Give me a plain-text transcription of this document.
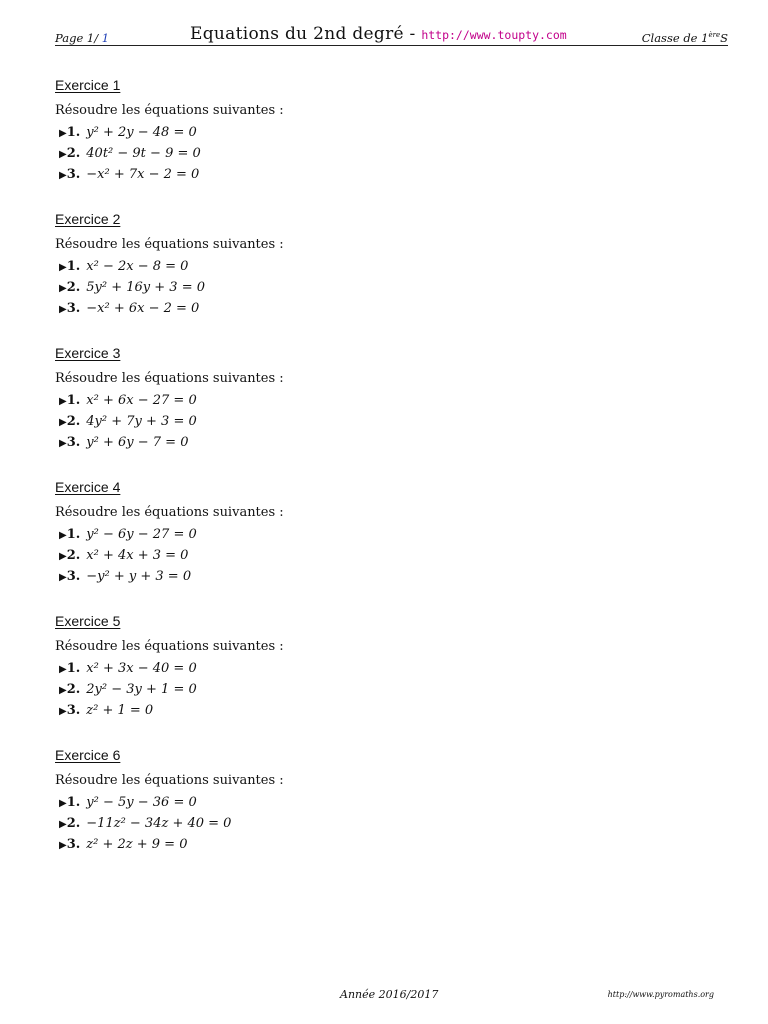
Page 1/ 1	Equations du 2nd degré - http://www.toupty.com	Classe de 1èreS
Exercice 1
Résoudre les équations suivantes :
▶1. y² + 2y − 48 = 0
▶2. 40t² − 9t − 9 = 0
▶3. −x² + 7x − 2 = 0
Exercice 2
Résoudre les équations suivantes :
▶1. x² − 2x − 8 = 0
▶2. 5y² + 16y + 3 = 0
▶3. −x² + 6x − 2 = 0
Exercice 3
Résoudre les équations suivantes :
▶1. x² + 6x − 27 = 0
▶2. 4y² + 7y + 3 = 0
▶3. y² + 6y − 7 = 0
Exercice 4
Résoudre les équations suivantes :
▶1. y² − 6y − 27 = 0
▶2. x² + 4x + 3 = 0
▶3. −y² + y + 3 = 0
Exercice 5
Résoudre les équations suivantes :
▶1. x² + 3x − 40 = 0
▶2. 2y² − 3y + 1 = 0
▶3. z² + 1 = 0
Exercice 6
Résoudre les équations suivantes :
▶1. y² − 5y − 36 = 0
▶2. −11z² − 34z + 40 = 0
▶3. z² + 2z + 9 = 0
Année 2016/2017	http://www.pyromaths.org
